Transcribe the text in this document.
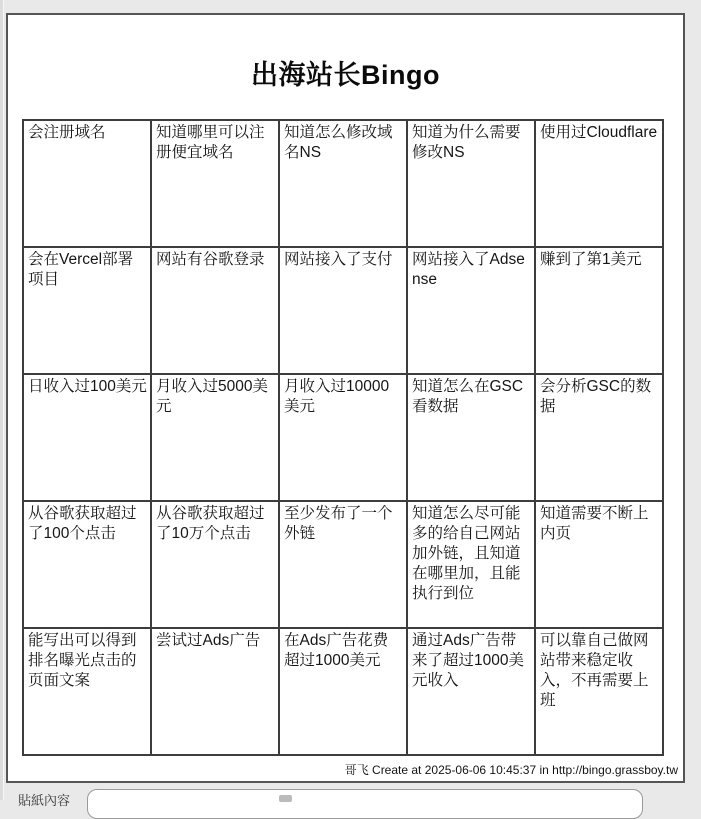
出海站长Bingo
会注册域名	知道哪里可以注册便宜域名	知道怎么修改域名NS	知道为什么需要修改NS	使用过Cloudflare
会在Vercel部署项目	网站有谷歌登录	网站接入了支付	网站接入了Adsense	赚到了第1美元
日收入过100美元	月收入过5000美元	月收入过10000美元	知道怎么在GSC看数据	会分析GSC的数据
从谷歌获取超过了100个点击	从谷歌获取超过了10万个点击	至少发布了一个外链	知道怎么尽可能多的给自己网站加外链，且知道在哪里加，且能执行到位	知道需要不断上内页
能写出可以得到排名曝光点击的页面文案	尝试过Ads广告	在Ads广告花费超过1000美元	通过Ads广告带来了超过1000美元收入	可以靠自己做网站带来稳定收入，不再需要上班
哥飞 Create at 2025-06-06 10:45:37 in http://bingo.grassboy.tw
貼紙內容
